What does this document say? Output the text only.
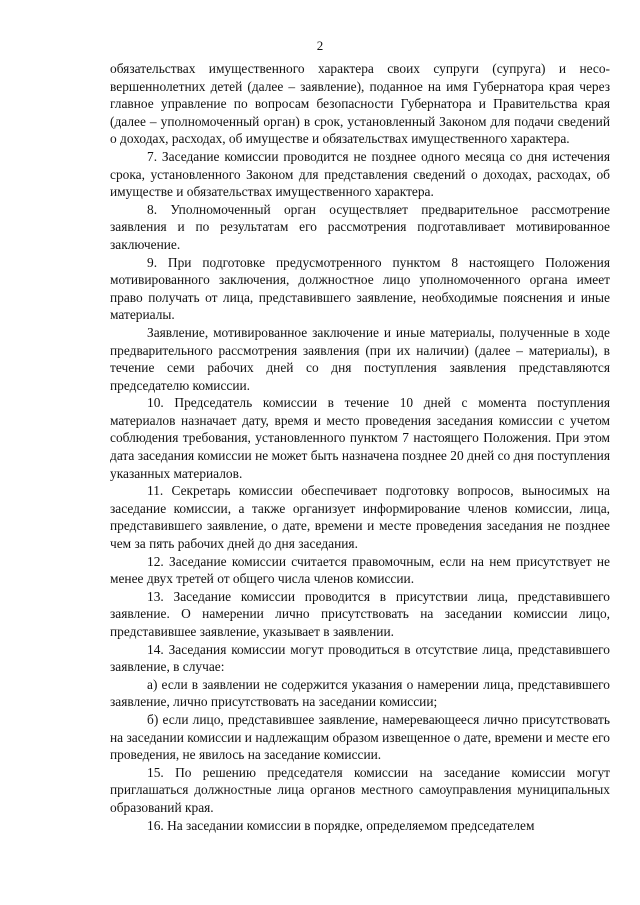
2

обязательствах имущественного характера своих супруги (супруга) и несовершеннолетних детей (далее – заявление), поданное на имя Губернатора края через главное управление по вопросам безопасности Губернатора и Правительства края (далее – уполномоченный орган) в срок, установленный Законом для подачи сведений о доходах, расходах, об имуществе и обязательствах имущественного характера.

7. Заседание комиссии проводится не позднее одного месяца со дня истечения срока, установленного Законом для представления сведений о доходах, расходах, об имуществе и обязательствах имущественного характера.

8. Уполномоченный орган осуществляет предварительное рассмотрение заявления и по результатам его рассмотрения подготавливает мотивированное заключение.

9. При подготовке предусмотренного пунктом 8 настоящего Положения мотивированного заключения, должностное лицо уполномоченного органа имеет право получать от лица, представившего заявление, необходимые пояснения и иные материалы.

Заявление, мотивированное заключение и иные материалы, полученные в ходе предварительного рассмотрения заявления (при их наличии) (далее – материалы), в течение семи рабочих дней со дня поступления заявления представляются председателю комиссии.

10. Председатель комиссии в течение 10 дней с момента поступления материалов назначает дату, время и место проведения заседания комиссии с учетом соблюдения требования, установленного пунктом 7 настоящего Положения. При этом дата заседания комиссии не может быть назначена позднее 20 дней со дня поступления указанных материалов.

11. Секретарь комиссии обеспечивает подготовку вопросов, выносимых на заседание комиссии, а также организует информирование членов комиссии, лица, представившего заявление, о дате, времени и месте проведения заседания не позднее чем за пять рабочих дней до дня заседания.

12. Заседание комиссии считается правомочным, если на нем присутствует не менее двух третей от общего числа членов комиссии.

13. Заседание комиссии проводится в присутствии лица, представившего заявление. О намерении лично присутствовать на заседании комиссии лицо, представившее заявление, указывает в заявлении.

14. Заседания комиссии могут проводиться в отсутствие лица, представившего заявление, в случае:

а) если в заявлении не содержится указания о намерении лица, представившего заявление, лично присутствовать на заседании комиссии;

б) если лицо, представившее заявление, намеревающееся лично присутствовать на заседании комиссии и надлежащим образом извещенное о дате, времени и месте его проведения, не явилось на заседание комиссии.

15. По решению председателя комиссии на заседание комиссии могут приглашаться должностные лица органов местного самоуправления муниципальных образований края.

16. На заседании комиссии в порядке, определяемом председателем
